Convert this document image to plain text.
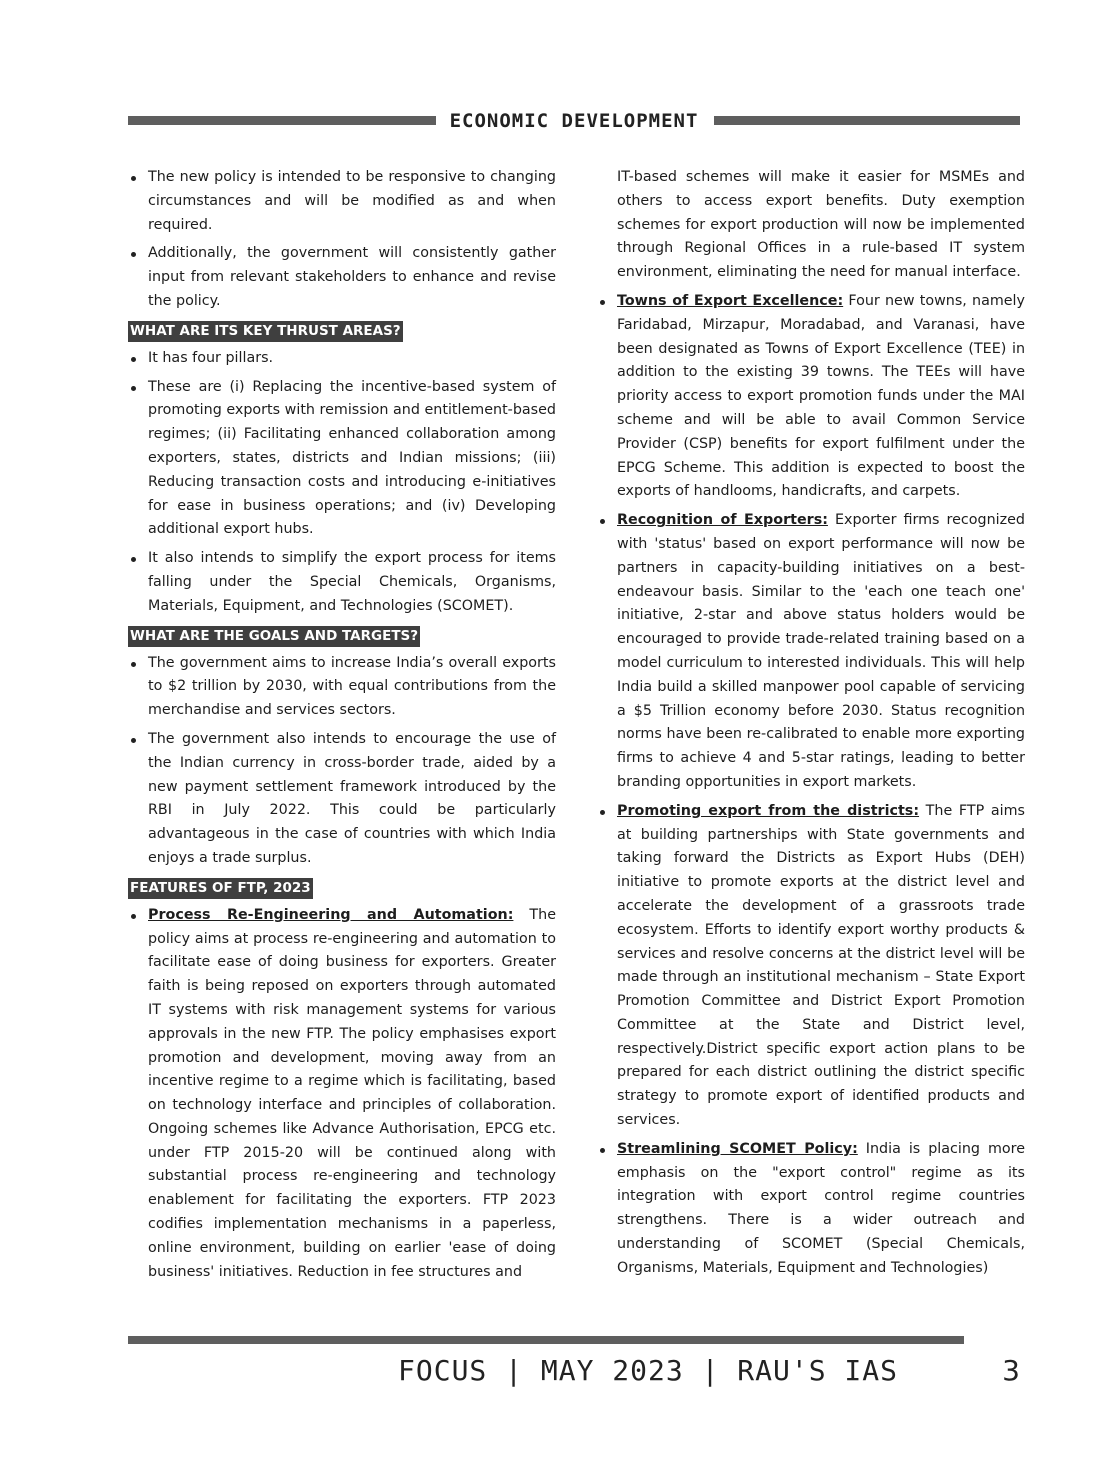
ECONOMIC DEVELOPMENT
The new policy is intended to be responsive to changing circumstances and will be modified as and when required.
Additionally, the government will consistently gather input from relevant stakeholders to enhance and revise the policy.
WHAT ARE ITS KEY THRUST AREAS?
It has four pillars.
These are (i) Replacing the incentive-based system of promoting exports with remission and entitlement-based regimes; (ii) Facilitating enhanced collaboration among exporters, states, districts and Indian missions; (iii) Reducing transaction costs and introducing e-initiatives for ease in business operations; and (iv) Developing additional export hubs.
It also intends to simplify the export process for items falling under the Special Chemicals, Organisms, Materials, Equipment, and Technologies (SCOMET).
WHAT ARE THE GOALS AND TARGETS?
The government aims to increase India’s overall exports to $2 trillion by 2030, with equal contributions from the merchandise and services sectors.
The government also intends to encourage the use of the Indian currency in cross-border trade, aided by a new payment settlement framework introduced by the RBI in July 2022. This could be particularly advantageous in the case of countries with which India enjoys a trade surplus.
FEATURES OF FTP, 2023
Process Re-Engineering and Automation: The policy aims at process re-engineering and automation to facilitate ease of doing business for exporters. Greater faith is being reposed on exporters through automated IT systems with risk management systems for various approvals in the new FTP. The policy emphasises export promotion and development, moving away from an incentive regime to a regime which is facilitating, based on technology interface and principles of collaboration. Ongoing schemes like Advance Authorisation, EPCG etc. under FTP 2015-20 will be continued along with substantial process re-engineering and technology enablement for facilitating the exporters. FTP 2023 codifies implementation mechanisms in a paperless, online environment, building on earlier 'ease of doing business' initiatives. Reduction in fee structures and
IT-based schemes will make it easier for MSMEs and others to access export benefits. Duty exemption schemes for export production will now be implemented through Regional Offices in a rule-based IT system environment, eliminating the need for manual interface.
Towns of Export Excellence: Four new towns, namely Faridabad, Mirzapur, Moradabad, and Varanasi, have been designated as Towns of Export Excellence (TEE) in addition to the existing 39 towns. The TEEs will have priority access to export promotion funds under the MAI scheme and will be able to avail Common Service Provider (CSP) benefits for export fulfilment under the EPCG Scheme. This addition is expected to boost the exports of handlooms, handicrafts, and carpets.
Recognition of Exporters: Exporter firms recognized with 'status' based on export performance will now be partners in capacity-building initiatives on a best-endeavour basis. Similar to the 'each one teach one' initiative, 2-star and above status holders would be encouraged to provide trade-related training based on a model curriculum to interested individuals. This will help India build a skilled manpower pool capable of servicing a $5 Trillion economy before 2030. Status recognition norms have been re-calibrated to enable more exporting firms to achieve 4 and 5-star ratings, leading to better branding opportunities in export markets.
Promoting export from the districts: The FTP aims at building partnerships with State governments and taking forward the Districts as Export Hubs (DEH) initiative to promote exports at the district level and accelerate the development of a grassroots trade ecosystem. Efforts to identify export worthy products & services and resolve concerns at the district level will be made through an institutional mechanism – State Export Promotion Committee and District Export Promotion Committee at the State and District level, respectively.District specific export action plans to be prepared for each district outlining the district specific strategy to promote export of identified products and services.
Streamlining SCOMET Policy: India is placing more emphasis on the "export control" regime as its integration with export control regime countries strengthens. There is a wider outreach and understanding of SCOMET (Special Chemicals, Organisms, Materials, Equipment and Technologies)
FOCUS | MAY 2023 | RAU'S IAS	3
